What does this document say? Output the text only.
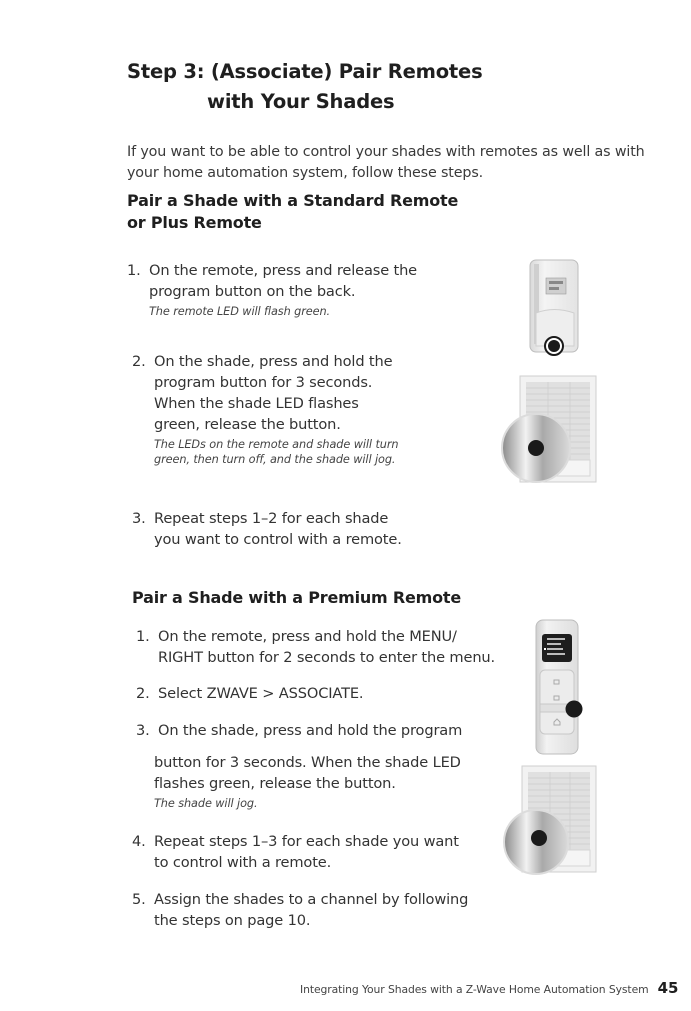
Step 3: (Associate) Pair Remotes
with Your Shades
If you want to be able to control your shades with remotes as well as with your home automation system, follow these steps.
Pair a Shade with a Standard Remote
or Plus Remote
1. On the remote, press and release the program button on the back.
The remote LED will flash green.
2. On the shade, press and hold the program button for 3 seconds. When the shade LED flashes green, release the button.
The LEDs on the remote and shade will turn green, then turn off, and the shade will jog.
3. Repeat steps 1–2 for each shade you want to control with a remote.
Pair a Shade with a Premium Remote
1. On the remote, press and hold the MENU/ RIGHT button for 2 seconds to enter the menu.
2. Select ZWAVE > ASSOCIATE.
3. On the shade, press and hold the program
button for 3 seconds. When the shade LED flashes green, release the button.
The shade will jog.
4. Repeat steps 1–3 for each shade you want to control with a remote.
5. Assign the shades to a channel by following the steps on page 10.
Integrating Your Shades with a Z-Wave Home Automation System 45
